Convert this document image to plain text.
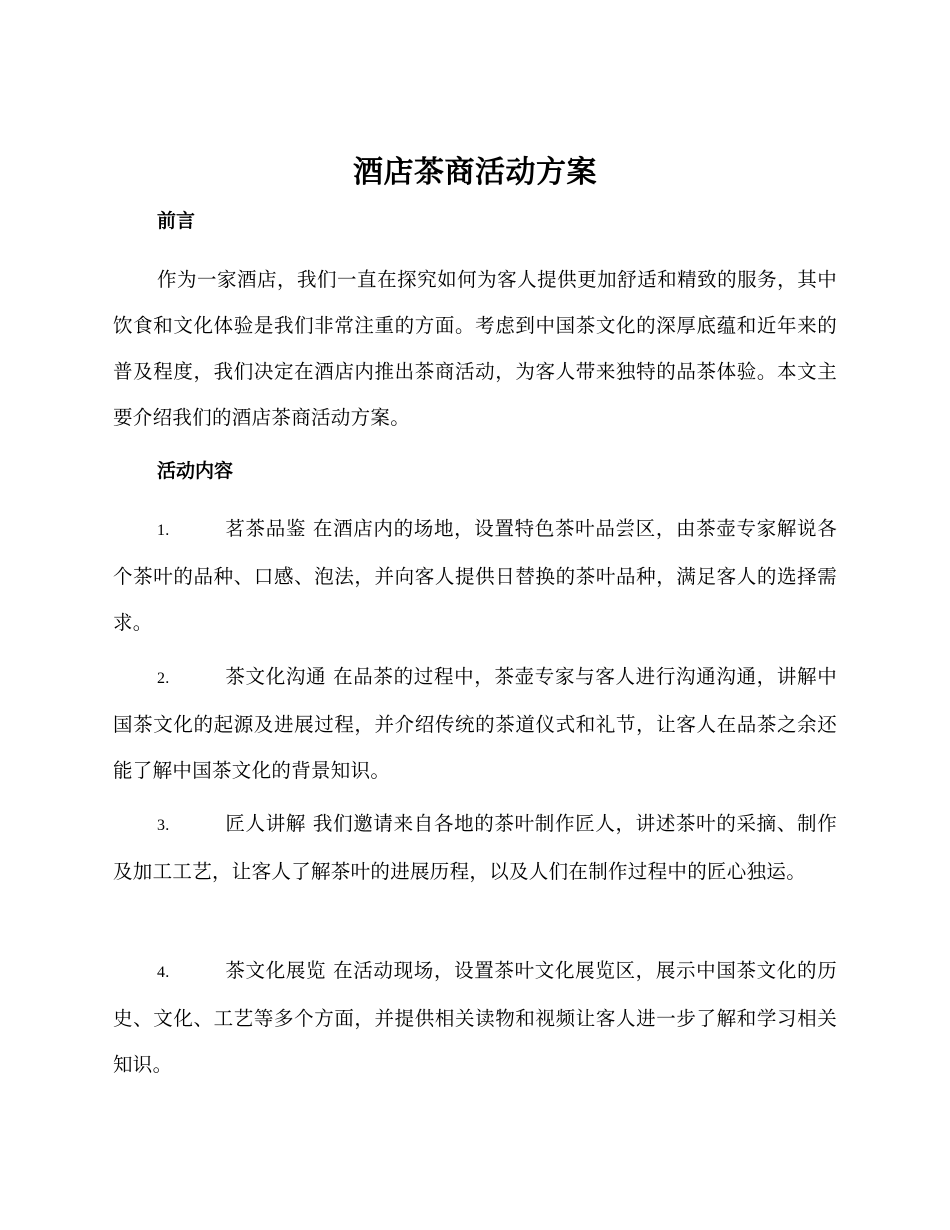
酒店茶商活动方案
前言
作为一家酒店，我们一直在探究如何为客人提供更加舒适和精致的服务，其中饮食和文化体验是我们非常注重的方面。考虑到中国茶文化的深厚底蕴和近年来的普及程度，我们决定在酒店内推出茶商活动，为客人带来独特的品茶体验。本文主要介绍我们的酒店茶商活动方案。
活动内容
1.	茗茶品鉴 在酒店内的场地，设置特色茶叶品尝区，由茶壶专家解说各个茶叶的品种、口感、泡法，并向客人提供日替换的茶叶品种，满足客人的选择需求。
2.	茶文化沟通 在品茶的过程中，茶壶专家与客人进行沟通沟通，讲解中国茶文化的起源及进展过程，并介绍传统的茶道仪式和礼节，让客人在品茶之余还能了解中国茶文化的背景知识。
3.	匠人讲解 我们邀请来自各地的茶叶制作匠人，讲述茶叶的采摘、制作及加工工艺，让客人了解茶叶的进展历程，以及人们在制作过程中的匠心独运。
4.	茶文化展览 在活动现场，设置茶叶文化展览区，展示中国茶文化的历史、文化、工艺等多个方面，并提供相关读物和视频让客人进一步了解和学习相关知识。
